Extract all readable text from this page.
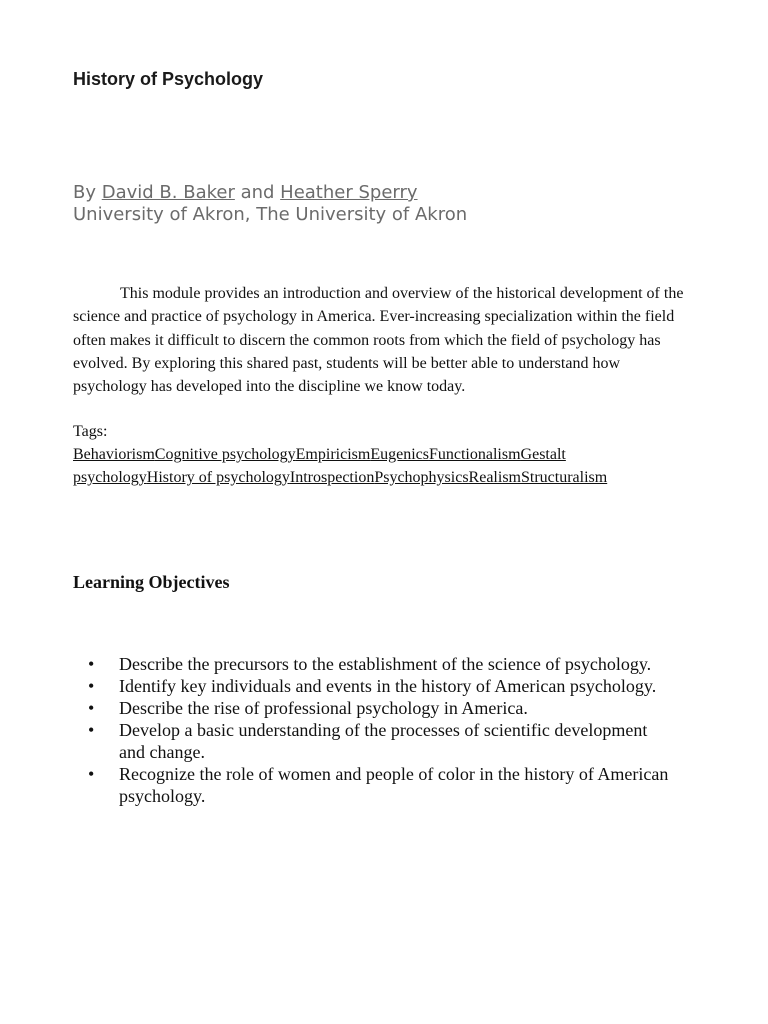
History of Psychology
By David B. Baker and Heather Sperry
University of Akron, The University of Akron

This module provides an introduction and overview of the historical development of the science and practice of psychology in America. Ever-increasing specialization within the field often makes it difficult to discern the common roots from which the field of psychology has evolved. By exploring this shared past, students will be better able to understand how psychology has developed into the discipline we know today.

Tags:
BehaviorismCognitive psychologyEmpiricismEugenicsFunctionalismGestalt psychologyHistory of psychologyIntrospectionPsychophysicsRealismStructuralism
Learning Objectives
• Describe the precursors to the establishment of the science of psychology.
• Identify key individuals and events in the history of American psychology.
• Describe the rise of professional psychology in America.
• Develop a basic understanding of the processes of scientific development and change.
• Recognize the role of women and people of color in the history of American psychology.
